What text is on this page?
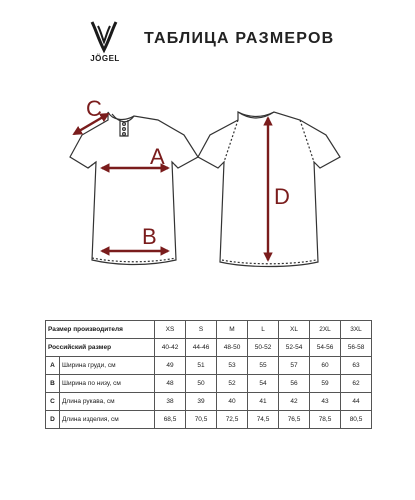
JÖGEL
ТАБЛИЦА РАЗМЕРОВ
A
B
C
D
Размер производителя		XS	S	M	L	XL	2XL	3XL
Российский размер		40-42	44-46	48-50	50-52	52-54	54-56	56-58
A	Ширина груди, см	49	51	53	55	57	60	63
B	Ширина по низу, см	48	50	52	54	56	59	62
C	Длина рукава, см	38	39	40	41	42	43	44
D	Длина изделия, см	68,5	70,5	72,5	74,5	76,5	78,5	80,5
